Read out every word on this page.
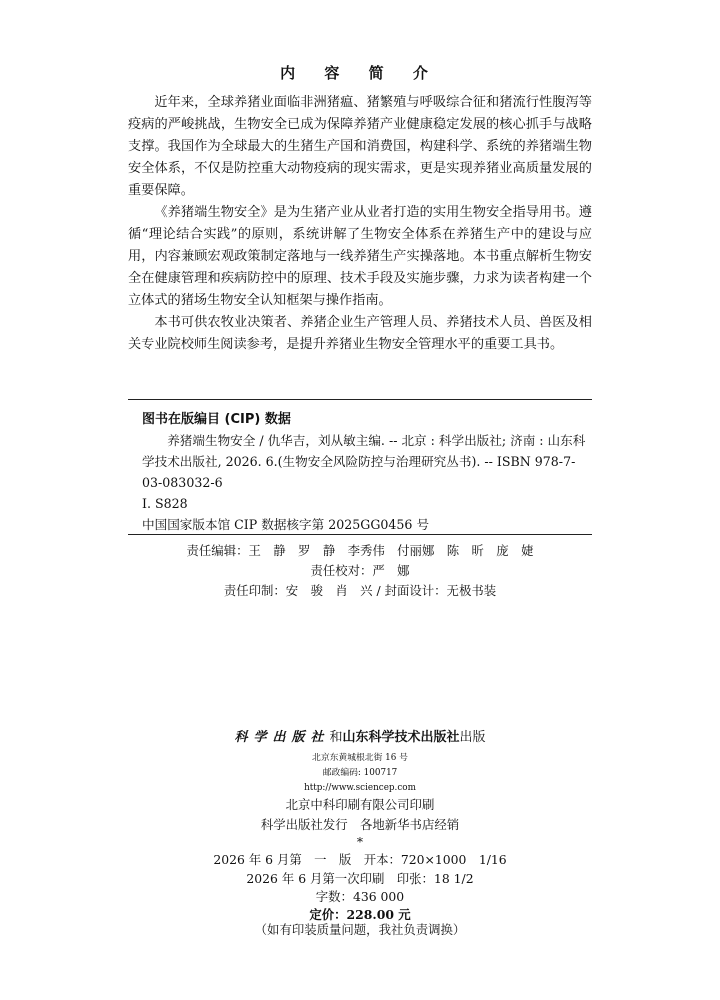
内 容 简 介

近年来，全球养猪业面临非洲猪瘟、猪繁殖与呼吸综合征和猪流行性腹泻等疫病的严峻挑战，生物安全已成为保障养猪产业健康稳定发展的核心抓手与战略支撑。我国作为全球最大的生猪生产国和消费国，构建科学、系统的养猪端生物安全体系，不仅是防控重大动物疫病的现实需求，更是实现养猪业高质量发展的重要保障。

《养猪端生物安全》是为生猪产业从业者打造的实用生物安全指导用书。遵循“理论结合实践”的原则，系统讲解了生物安全体系在养猪生产中的建设与应用，内容兼顾宏观政策制定落地与一线养猪生产实操落地。本书重点解析生物安全在健康管理和疾病防控中的原理、技术手段及实施步骤，力求为读者构建一个立体式的猪场生物安全认知框架与操作指南。

本书可供农牧业决策者、养猪企业生产管理人员、养猪技术人员、兽医及相关专业院校师生阅读参考，是提升养猪业生物安全管理水平的重要工具书。

图书在版编目 (CIP) 数据
养猪端生物安全 / 仇华吉，刘从敏主编. -- 北京 : 科学出版社; 济南 : 山东科学技术出版社, 2026. 6.(生物安全风险防控与治理研究丛书). -- ISBN 978-7-03-083032-6
Ⅰ. S828
中国国家版本馆 CIP 数据核字第 2025GG0456 号
责任编辑：王　静　罗　静　李秀伟　付丽娜　陈　昕　庞　婕
责任校对：严　娜
责任印制：安　骏　肖　兴 / 封面设计：无极书装
科学出版社和山东科学技术出版社出版
北京东黄城根北街 16 号
邮政编码: 100717
http://www.sciencep.com
北京中科印刷有限公司印刷
科学出版社发行　各地新华书店经销
*
2026 年 6 月第　一　版　开本：720×1000　1/16
2026 年 6 月第一次印刷　印张：18 1/2
字数：436 000
定价：228.00 元
（如有印装质量问题，我社负责调换）
